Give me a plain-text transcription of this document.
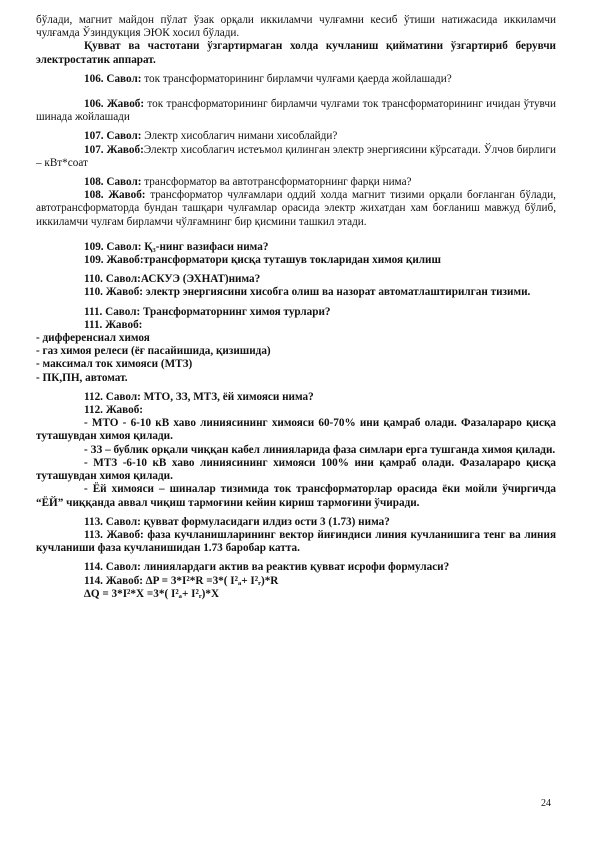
бўлади, магнит майдон пўлат ўзак орқали иккиламчи чулғамни кесиб ўтиши натижасида иккиламчи чулғамда Ўзиндукция ЭЮК хосил бўлади.

Қувват ва частотани ўзгартирмаган холда кучланиш қийматини ўзгартириб берувчи электростатик аппарат.

106. Савол: ток трансформаторининг бирламчи чулғами қаерда жойлашади?

106. Жавоб: ток трансформаторининг бирламчи чулғами ток трансформаторининг ичидан ўтувчи шинада жойлашади

107. Савол: Электр хисоблагич нимани хисоблайди?

107. Жавоб:Электр хисоблагич истеъмол қилинган электр энергиясини кўрсатади. Ўлчов бирлиги – кВт*соат

108. Савол: трансформатор ва автотрансформаторнинг фарқи нима?

108. Жавоб: трансформатор чулғамлари оддий холда магнит тизими орқали боғланган бўлади, автотрансформаторда бундан ташқари чулғамлар орасида электр жихатдан хам боғланиш мавжуд бўлиб, иккиламчи чулғам бирламчи чўлғамнинг бир қисмини ташкил этади.

109. Савол: Қ₃-нинг вазифаси нима?

109. Жавоб:трансформатори қисқа туташув токларидан химоя қилиш

110. Савол:АСКУЭ (ЭХНАТ)нима?

110. Жавоб: электр энергиясини хисобга олиш ва назорат автоматлаштирилган тизими.

111. Савол: Трансформаторнинг химоя турлари?

111. Жавоб:

- дифференсиал химоя

- газ химоя релеси (ёғ пасайишида, қизишида)

- максимал ток химояси (МТЗ)

- ПК,ПН, автомат.

112. Савол: МТО, ЗЗ, МТЗ, ёй химояси нима?

112. Жавоб:

- МТО - 6-10 кВ хаво линиясининг химояси 60-70% ини қамраб олади. Фазалараро қисқа туташувдан химоя қилади.

- ЗЗ – бублик орқали чиққан кабел линияларида фаза симлари ерга тушганда химоя қилади.

- МТЗ -6-10 кВ хаво линиясининг химояси 100% ини қамраб олади. Фазалараро қисқа туташувдан химоя қилади.

- Ёй химояси – шиналар тизимида ток трансформаторлар орасида ёки мойли ўчиргичда “ЁЙ” чиққанда аввал чиқиш тармоғини кейин кириш тармоғини ўчиради.

113. Савол: қувват формуласидаги илдиз ости 3 (1.73) нима?

113. Жавоб: фаза кучланишларининг вектор йиғиндиси линия кучланишига тенг ва линия кучланиши фаза кучланишидан 1.73 баробар катта.

114. Савол: линиялардаги актив ва реактив қувват исрофи формуласи?

114. Жавоб: ∆P = 3*I²*R =3*( I²ₐ+ I²ᵣ)*R

∆Q = 3*I²*X =3*( I²ₐ+ I²ᵣ)*X

24
